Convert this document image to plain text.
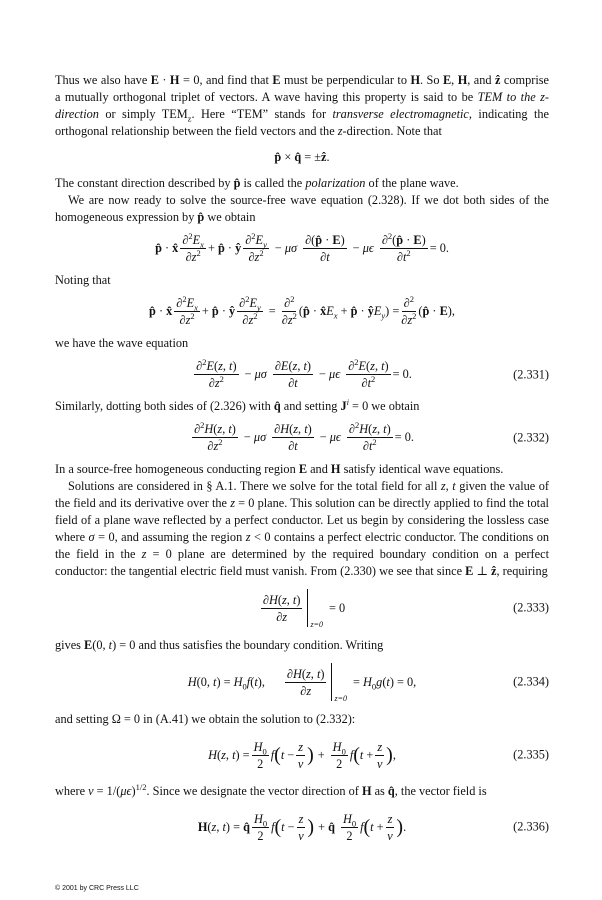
Thus we also have E · H = 0, and find that E must be perpendicular to H. So E, H, and ẑ comprise a mutually orthogonal triplet of vectors. A wave having this property is said to be TEM to the z-direction or simply $TEM_z$. Here “TEM” stands for transverse electromagnetic, indicating the orthogonal relationship between the field vectors and the z-direction. Note that

p̂ × q̂ = ±ẑ.

The constant direction described by p̂ is called the polarization of the plane wave.

We are now ready to solve the source-free wave equation (2.328). If we dot both sides of the homogeneous expression by p̂ we obtain

p̂ · x̂ $\frac{\partial^2E_x}{\partial z^2}$ + p̂ · ŷ $\frac{\partial^2E_y}{\partial z^2} - \mu\sigma \frac{\partial(p̂ \cdot E)}{\partial t} - \mu\epsilon \frac{\partial^2(p̂ \cdot E)}{\partial t^2} = 0$.

Noting that

p̂ · x̂ $\frac{\partial^2E_x}{\partial z^2}$ + p̂ · ŷ $\frac{\partial^2E_y}{\partial z^2} = \frac{\partial^2}{\partial z^2}$ (p̂ · $x̂E_x$ + p̂ · $ŷE_y) = \frac{\partial^2}{\partial z^2}$ (p̂ · E),

we have the wave equation

$\frac{\partial^2E(z, t)}{\partial z^2} - \mu\sigma \frac{\partial E(z, t)}{\partial t} - \mu\epsilon \frac{\partial^2E(z, t)}{\partial t^2} = 0$.	(2.331)

Similarly, dotting both sides of (2.326) with q̂ and setting $J^i = 0$ we obtain

$\frac{\partial^2H(z, t)}{\partial z^2} - \mu\sigma \frac{\partial H(z, t)}{\partial t} - \mu\epsilon \frac{\partial^2H(z, t)}{\partial t^2} = 0$.	(2.332)

In a source-free homogeneous conducting region E and H satisfy identical wave equations.

Solutions are considered in § A.1. There we solve for the total field for all z, t given the value of the field and its derivative over the z = 0 plane. This solution can be directly applied to find the total field of a plane wave reflected by a perfect conductor. Let us begin by considering the lossless case where σ = 0, and assuming the region z < 0 contains a perfect electric conductor. The conditions on the field in the z = 0 plane are determined by the required boundary condition on a perfect conductor: the tangential electric field must vanish. From (2.330) we see that since E ⊥ ẑ, requiring

$\frac{\partial H(z, t)}{\partial z}$
z=0
= 0	(2.333)

gives E(0, t) = 0 and thus satisfies the boundary condition. Writing

H(0, $t) = H_0f(t)$, $\frac{\partial H(z, t)}{\partial z}$
z=0
= $H_0g(t) = 0$,	(2.334)

and setting Ω = 0 in (A.41) we obtain the solution to (2.332):

H(z, $t) = \frac{H_0}{2}$ f ( $t - \frac{z}{v}$ ) + $\frac{H_0}{2}$ f ( $t + \frac{z}{v}$ ) ,	(2.335)

where $v = 1/(\mu\epsilon)^{1/2}$. Since we designate the vector direction of H as q̂, the vector field is

H(z, t) = q̂ $\frac{H_0}{2}$ f ( $t - \frac{z}{v}$ ) + q̂ $\frac{H_0}{2}$ f ( $t + \frac{z}{v}$ ) .	(2.336)
© 2001 by CRC Press LLC
